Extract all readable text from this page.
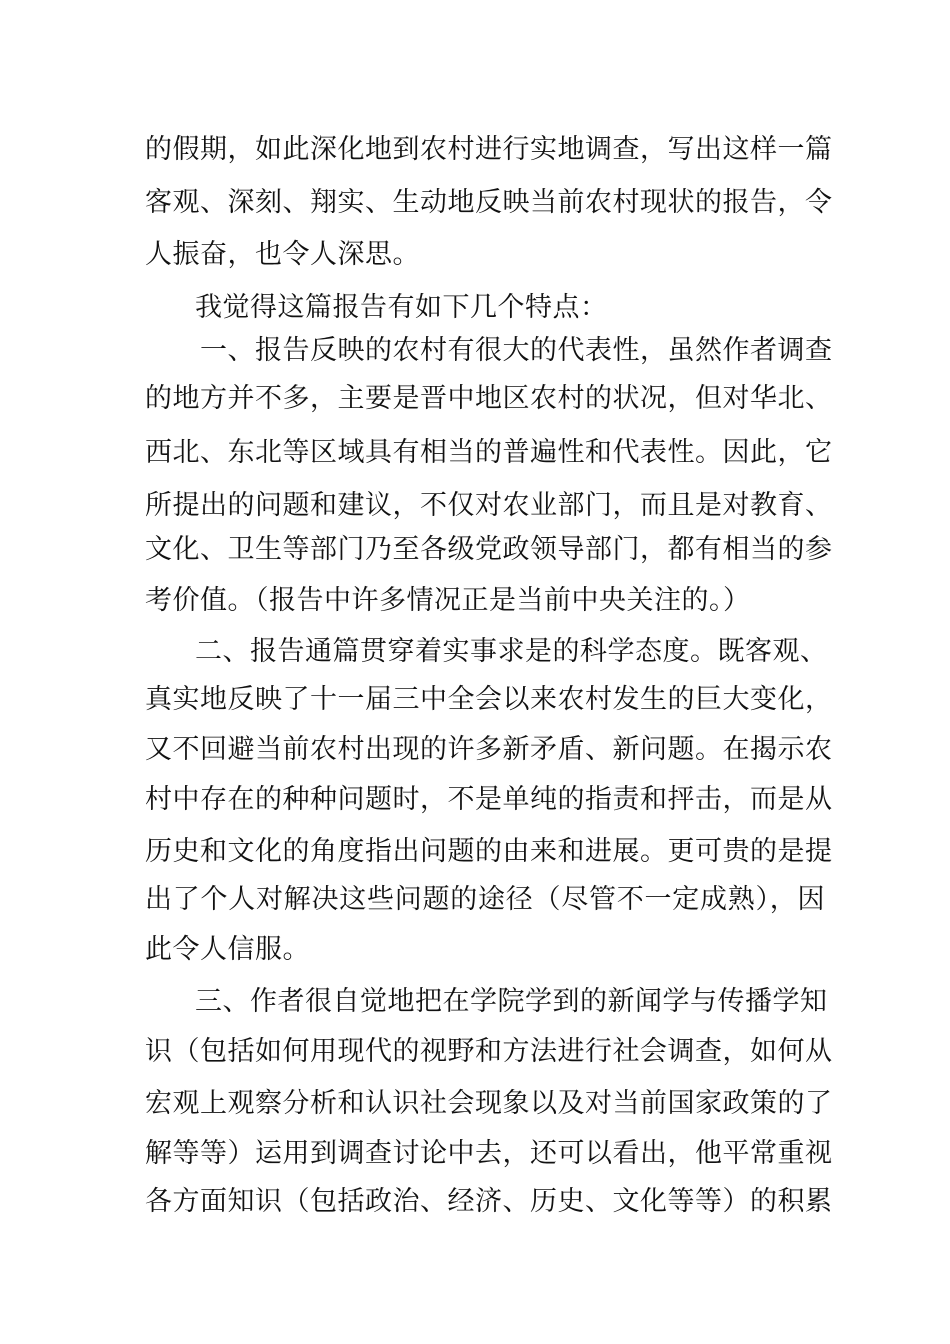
的假期，如此深化地到农村进行实地调查，写出这样一篇
客观、深刻、翔实、生动地反映当前农村现状的报告，令
人振奋，也令人深思。
我觉得这篇报告有如下几个特点：
一、报告反映的农村有很大的代表性，虽然作者调查
的地方并不多，主要是晋中地区农村的状况，但对华北、
西北、东北等区域具有相当的普遍性和代表性。因此，它
所提出的问题和建议，不仅对农业部门，而且是对教育、
文化、卫生等部门乃至各级党政领导部门，都有相当的参
考价值。（报告中许多情况正是当前中央关注的。）
二、报告通篇贯穿着实事求是的科学态度。既客观、
真实地反映了十一届三中全会以来农村发生的巨大变化，
又不回避当前农村出现的许多新矛盾、新问题。在揭示农
村中存在的种种问题时，不是单纯的指责和抨击，而是从
历史和文化的角度指出问题的由来和进展。更可贵的是提
出了个人对解决这些问题的途径（尽管不一定成熟），因
此令人信服。
三、作者很自觉地把在学院学到的新闻学与传播学知
识（包括如何用现代的视野和方法进行社会调查，如何从
宏观上观察分析和认识社会现象以及对当前国家政策的了
解等等）运用到调查讨论中去，还可以看出，他平常重视
各方面知识（包括政治、经济、历史、文化等等）的积累
